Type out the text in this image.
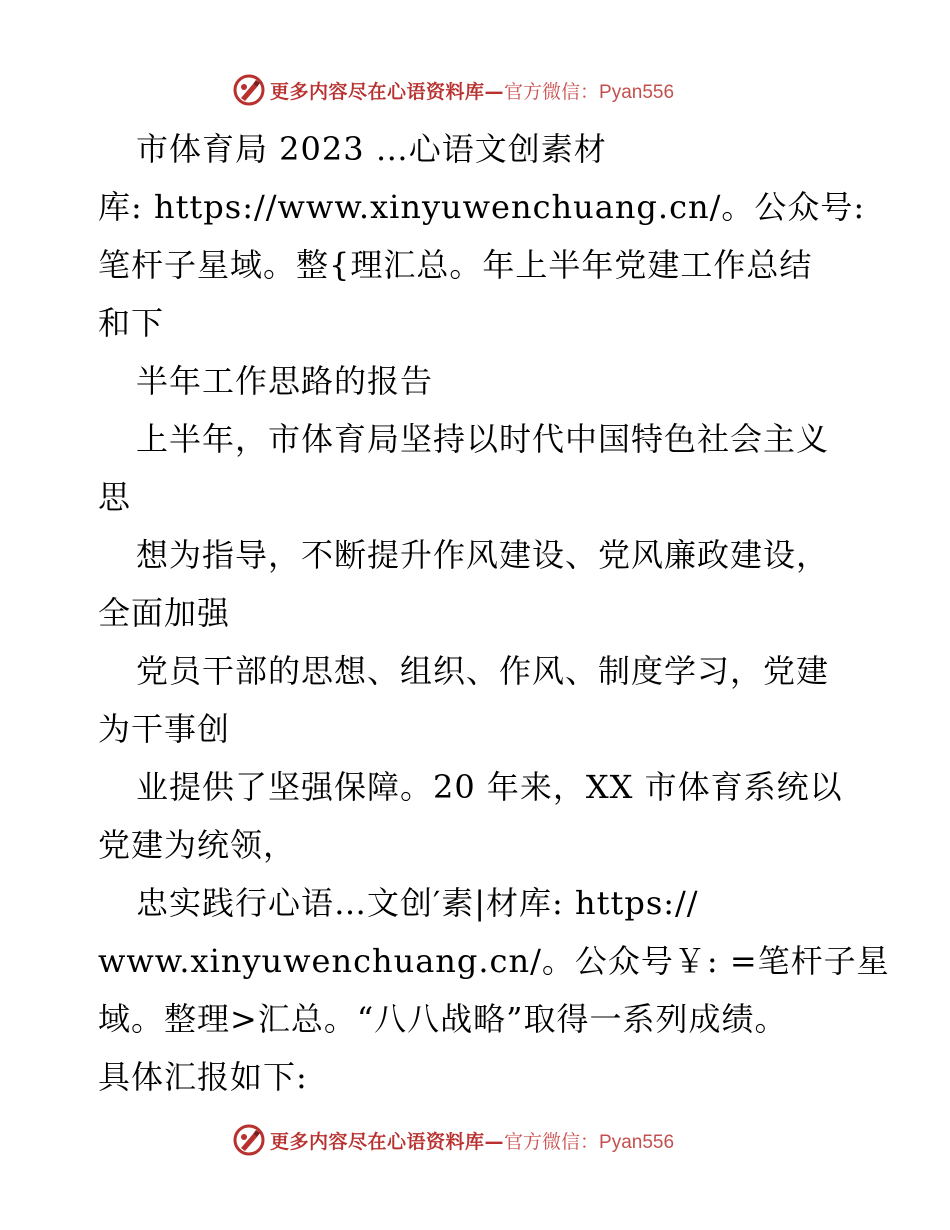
更多内容尽在心语资料库— 官方微信：Pyan556
市体育局 2023 …心语文创素材
库: https://www.xinyuwenchuang.cn/。公众号:
笔杆子星域。整{理汇总。年上半年党建工作总结
和下
半年工作思路的报告
上半年，市体育局坚持以时代中国特色社会主义
思
想为指导，不断提升作风建设、党风廉政建设，
全面加强
党员干部的思想、组织、作风、制度学习，党建
为干事创
业提供了坚强保障。20 年来，XX 市体育系统以
党建为统领，
忠实践行心语…文创′素|材库: https://
www.xinyuwenchuang.cn/。公众号￥: =笔杆子星
域。整理>汇总。“八八战略”取得一系列成绩。
具体汇报如下:
更多内容尽在心语资料库— 官方微信：Pyan556
